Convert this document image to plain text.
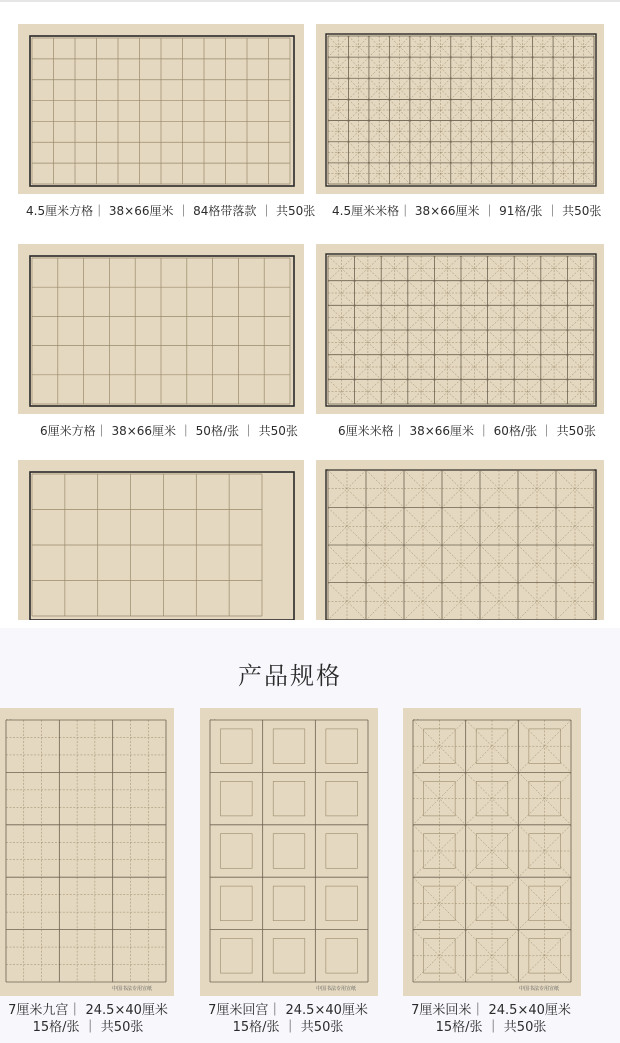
4.5厘米方格｜ 38×66厘米 ｜ 84格带落款 ｜ 共50张 4.5厘米米格｜ 38×66厘米 ｜ 91格/张 ｜ 共50张
6厘米方格｜ 38×66厘米 ｜ 50格/张 ｜ 共50张	6厘米米格｜ 38×66厘米 ｜ 60格/张 ｜ 共50张
产品规格
· ·
中国书法专用宣纸
· ·
中国书法专用宣纸
· ·
中国书法专用宣纸
7厘米九宫｜ 24.5×40厘米
15格/张 ｜ 共50张
7厘米回宫｜ 24.5×40厘米
15格/张 ｜ 共50张
7厘米回米｜ 24.5×40厘米
15格/张 ｜ 共50张
